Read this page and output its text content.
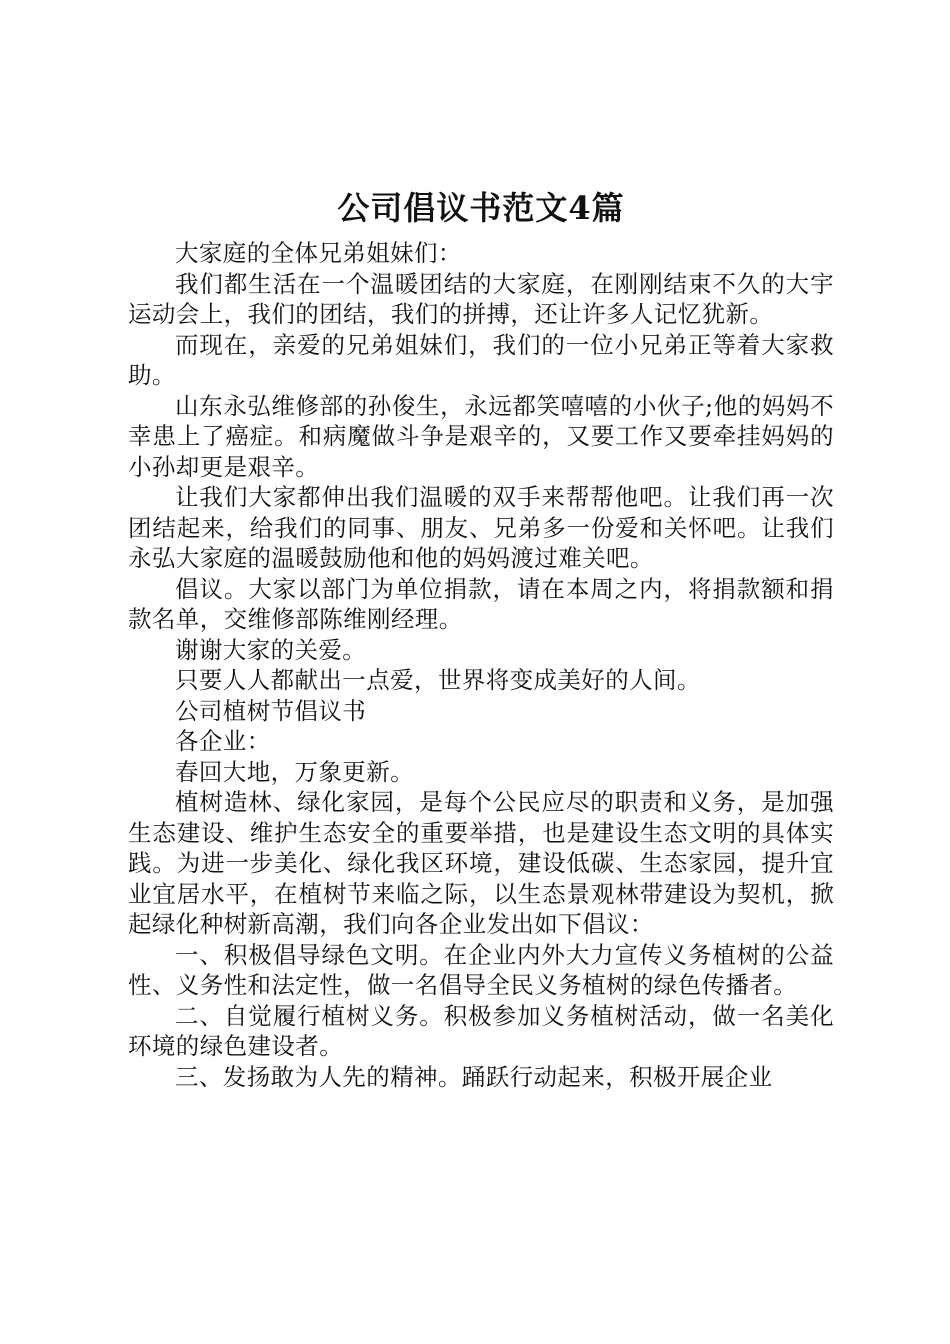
公司倡议书范文4篇

大家庭的全体兄弟姐妹们：

我们都生活在一个温暖团结的大家庭，在刚刚结束不久的大宇运动会上，我们的团结，我们的拼搏，还让许多人记忆犹新。

而现在，亲爱的兄弟姐妹们，我们的一位小兄弟正等着大家救助。

山东永弘维修部的孙俊生，永远都笑嘻嘻的小伙子;他的妈妈不幸患上了癌症。和病魔做斗争是艰辛的，又要工作又要牵挂妈妈的小孙却更是艰辛。

让我们大家都伸出我们温暖的双手来帮帮他吧。让我们再一次团结起来，给我们的同事、朋友、兄弟多一份爱和关怀吧。让我们永弘大家庭的温暖鼓励他和他的妈妈渡过难关吧。

倡议。大家以部门为单位捐款，请在本周之内，将捐款额和捐款名单，交维修部陈维刚经理。

谢谢大家的关爱。

只要人人都献出一点爱，世界将变成美好的人间。

公司植树节倡议书

各企业：

春回大地，万象更新。

植树造林、绿化家园，是每个公民应尽的职责和义务，是加强生态建设、维护生态安全的重要举措，也是建设生态文明的具体实践。为进一步美化、绿化我区环境，建设低碳、生态家园，提升宜业宜居水平，在植树节来临之际，以生态景观林带建设为契机，掀起绿化种树新高潮，我们向各企业发出如下倡议：

一、积极倡导绿色文明。在企业内外大力宣传义务植树的公益性、义务性和法定性，做一名倡导全民义务植树的绿色传播者。

二、自觉履行植树义务。积极参加义务植树活动，做一名美化环境的绿色建设者。

三、发扬敢为人先的精神。踊跃行动起来，积极开展企业
